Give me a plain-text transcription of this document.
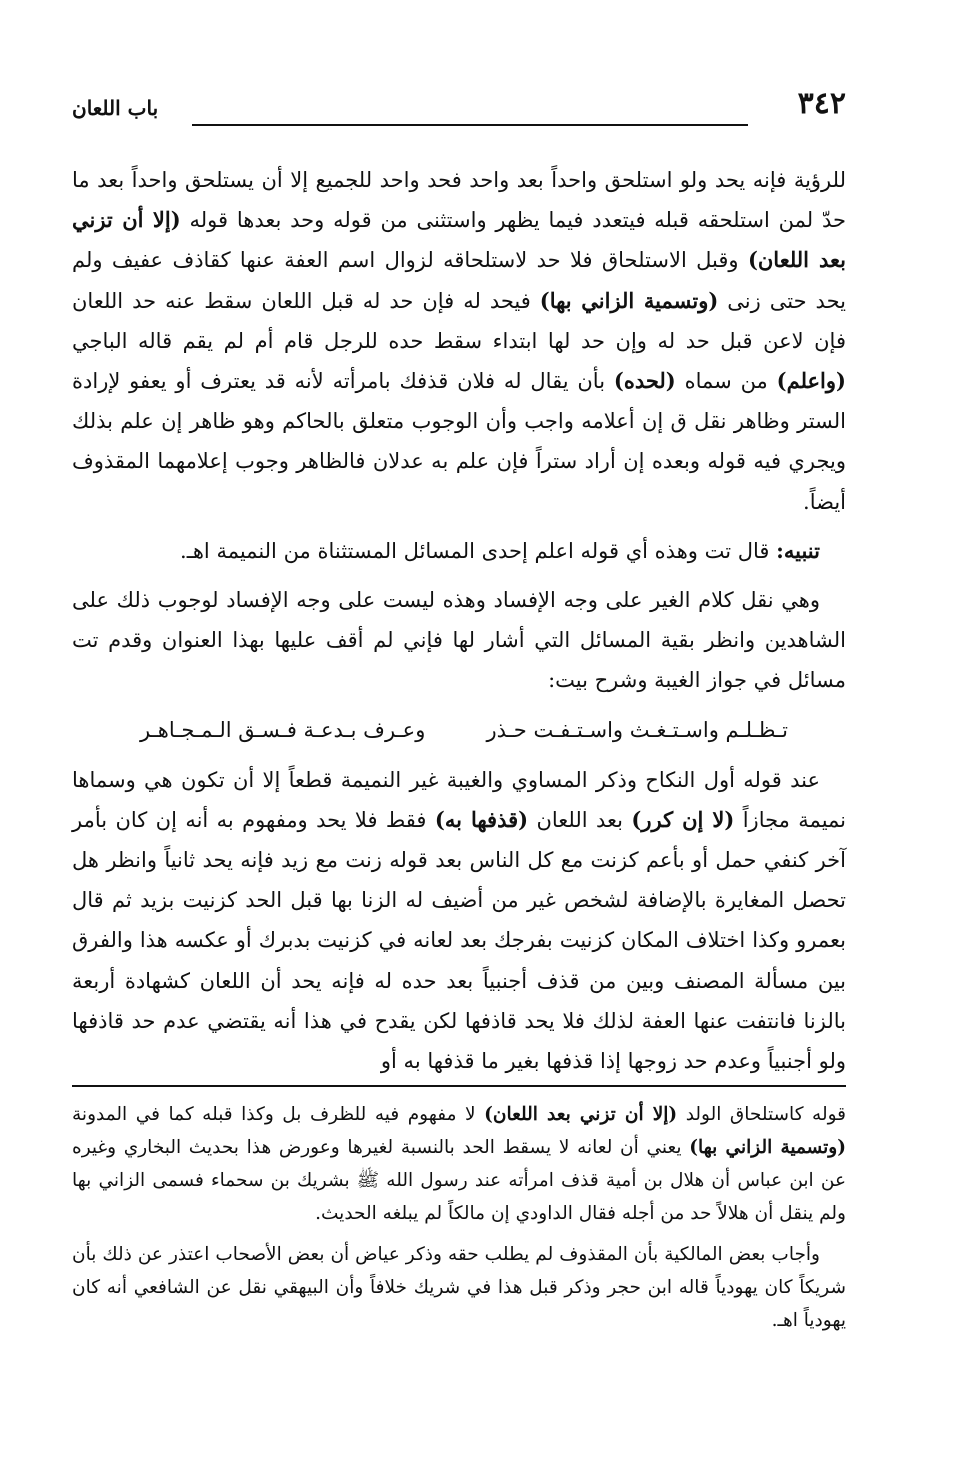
٣٤٢
باب اللعان

للرؤية فإنه يحد ولو استلحق واحداً بعد واحد فحد واحد للجميع إلا أن يستلحق واحداً بعد ما حدّ لمن استلحقه قبله فيتعدد فيما يظهر واستثنى من قوله وحد بعدها قوله (إلا أن تزني بعد اللعان) وقبل الاستلحاق فلا حد لاستلحاقه لزوال اسم العفة عنها كقاذف عفيف ولم يحد حتى زنى (وتسمية الزاني بها) فيحد له فإن حد له قبل اللعان سقط عنه حد اللعان فإن لاعن قبل حد له وإن حد لها ابتداء سقط حده للرجل قام أم لم يقم قاله الباجي (واعلم) من سماه (لحده) بأن يقال له فلان قذفك بامرأته لأنه قد يعترف أو يعفو لإرادة الستر وظاهر نقل ق إن أعلامه واجب وأن الوجوب متعلق بالحاكم وهو ظاهر إن علم بذلك ويجري فيه قوله وبعده إن أراد ستراً فإن علم به عدلان فالظاهر وجوب إعلامهما المقذوف أيضاً.

تنبيه: قال تت وهذه أي قوله اعلم إحدى المسائل المستثناة من النميمة اهـ.

وهي نقل كلام الغير على وجه الإفساد وهذه ليست على وجه الإفساد لوجوب ذلك على الشاهدين وانظر بقية المسائل التي أشار لها فإني لم أقف عليها بهذا العنوان وقدم تت مسائل في جواز الغيبة وشرح بيت:

تـظـلـم واسـتـغـث واسـتـفـت حـذر
وعـرف بـدعـة فـسـق الـمـجـاهـر

عند قوله أول النكاح وذكر المساوي والغيبة غير النميمة قطعاً إلا أن تكون هي وسماها نميمة مجازاً (لا إن كرر) بعد اللعان (قذفها به) فقط فلا يحد ومفهوم به أنه إن كان بأمر آخر كنفي حمل أو بأعم كزنت مع كل الناس بعد قوله زنت مع زيد فإنه يحد ثانياً وانظر هل تحصل المغايرة بالإضافة لشخص غير من أضيف له الزنا بها قبل الحد كزنيت بزيد ثم قال بعمرو وكذا اختلاف المكان كزنيت بفرجك بعد لعانه في كزنيت بدبرك أو عكسه هذا والفرق بين مسألة المصنف وبين من قذف أجنبياً بعد حده له فإنه يحد أن اللعان كشهادة أربعة بالزنا فانتفت عنها العفة لذلك فلا يحد قاذفها لكن يقدح في هذا أنه يقتضي عدم حد قاذفها ولو أجنبياً وعدم حد زوجها إذا قذفها بغير ما قذفها به أو

قوله كاستلحاق الولد (إلا أن تزني بعد اللعان) لا مفهوم فيه للظرف بل وكذا قبله كما في المدونة (وتسمية الزاني بها) يعني أن لعانه لا يسقط الحد بالنسبة لغيرها وعورض هذا بحديث البخاري وغيره عن ابن عباس أن هلال بن أمية قذف امرأته عند رسول الله ﷺ بشريك بن سحماء فسمى الزاني بها ولم ينقل أن هلالاً حد من أجله فقال الداودي إن مالكاً لم يبلغه الحديث.

وأجاب بعض المالكية بأن المقذوف لم يطلب حقه وذكر عياض أن بعض الأصحاب اعتذر عن ذلك بأن شريكاً كان يهودياً قاله ابن حجر وذكر قبل هذا في شريك خلافاً وأن البيهقي نقل عن الشافعي أنه كان يهودياً اهـ.
